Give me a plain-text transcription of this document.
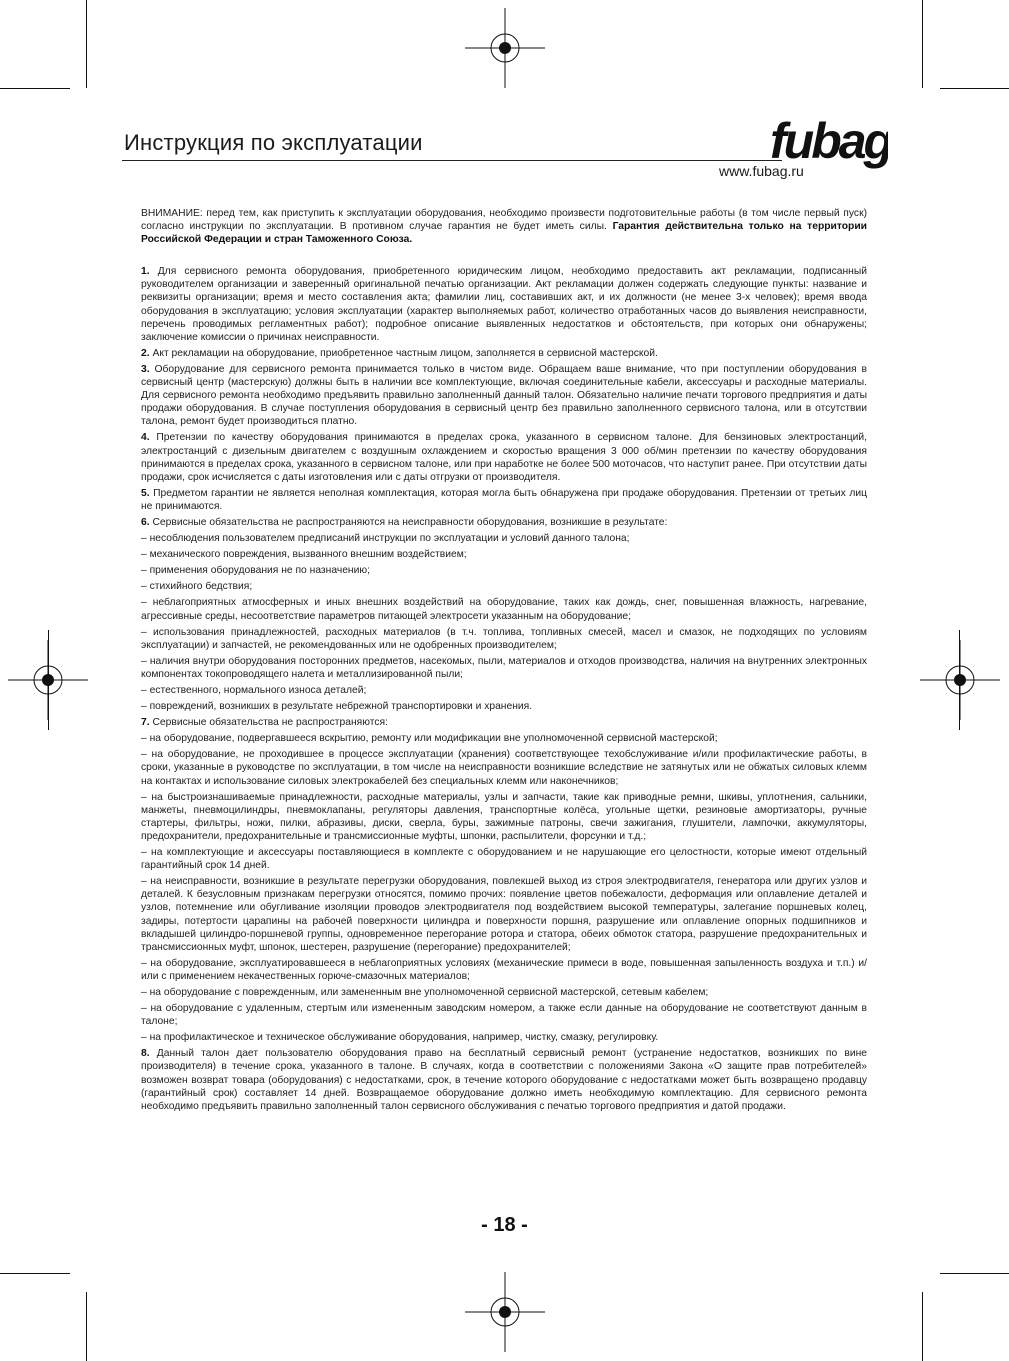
Инструкция по эксплуатации	fubag
www.fubag.ru

ВНИМАНИЕ: перед тем, как приступить к эксплуатации оборудования, необходимо произвести подготовительные работы (в том числе первый пуск) согласно инструкции по эксплуатации. В противном случае гарантия не будет иметь силы. Гарантия действительна только на территории Российской Федерации и стран Таможенного Союза.

1. Для сервисного ремонта оборудования, приобретенного юридическим лицом, необходимо предоставить акт рекламации, подписанный руководителем организации и заверенный оригинальной печатью организации. Акт рекламации должен содержать следующие пункты: название и реквизиты организации; время и место составления акта; фамилии лиц, составивших акт, и их должности (не менее 3-х человек); время ввода оборудования в эксплуатацию; условия эксплуатации (характер выполняемых работ, количество отработанных часов до выявления неисправности, перечень проводимых регламентных работ); подробное описание выявленных недостатков и обстоятельств, при которых они обнаружены; заключение комиссии о причинах неисправности.

2. Акт рекламации на оборудование, приобретенное частным лицом, заполняется в сервисной мастерской.

3. Оборудование для сервисного ремонта принимается только в чистом виде. Обращаем ваше внимание, что при поступлении оборудования в сервисный центр (мастерскую) должны быть в наличии все комплектующие, включая соединительные кабели, аксессуары и расходные материалы. Для сервисного ремонта необходимо предъявить правильно заполненный данный талон. Обязательно наличие печати торгового предприятия и даты продажи оборудования. В случае поступления оборудования в сервисный центр без правильно заполненного сервисного талона, или в отсутствии талона, ремонт будет производиться платно.

4. Претензии по качеству оборудования принимаются в пределах срока, указанного в сервисном талоне. Для бензиновых электростанций, электростанций с дизельным двигателем с воздушным охлаждением и скоростью вращения 3 000 об/мин претензии по качеству оборудования принимаются в пределах срока, указанного в сервисном талоне, или при наработке не более 500 моточасов, что наступит ранее. При отсутствии даты продажи, срок исчисляется с даты изготовления или с даты отгрузки от производителя.

5. Предметом гарантии не является неполная комплектация, которая могла быть обнаружена при продаже оборудования. Претензии от третьих лиц не принимаются.

6. Сервисные обязательства не распространяются на неисправности оборудования, возникшие в результате:

– несоблюдения пользователем предписаний инструкции по эксплуатации и условий данного талона;

– механического повреждения, вызванного внешним воздействием;

– применения оборудования не по назначению;

– стихийного бедствия;

– неблагоприятных атмосферных и иных внешних воздействий на оборудование, таких как дождь, снег, повышенная влажность, нагревание, агрессивные среды, несоответствие параметров питающей электросети указанным на оборудование;

– использования принадлежностей, расходных материалов (в т.ч. топлива, топливных смесей, масел и смазок, не подходящих по условиям эксплуатации) и запчастей, не рекомендованных или не одобренных производителем;

– наличия внутри оборудования посторонних предметов, насекомых, пыли, материалов и отходов производства, наличия на внутренних электронных компонентах токопроводящего налета и металлизированной пыли;

– естественного, нормального износа деталей;

– повреждений, возникших в результате небрежной транспортировки и хранения.

7. Сервисные обязательства не распространяются:

– на оборудование, подвергавшееся вскрытию, ремонту или модификации вне уполномоченной сервисной мастерской;

– на оборудование, не проходившее в процессе эксплуатации (хранения) соответствующее техобслуживание и/или профилактические работы, в сроки, указанные в руководстве по эксплуатации, в том числе на неисправности возникшие вследствие не затянутых или не обжатых силовых клемм на контактах и использование силовых электрокабелей без специальных клемм или наконечников;

– на быстроизнашиваемые принадлежности, расходные материалы, узлы и запчасти, такие как приводные ремни, шкивы, уплотнения, сальники, манжеты, пневмоцилиндры, пневмоклапаны, регуляторы давления, транспортные колёса, угольные щетки, резиновые амортизаторы, ручные стартеры, фильтры, ножи, пилки, абразивы, диски, сверла, буры, зажимные патроны, свечи зажигания, глушители, лампочки, аккумуляторы, предохранители, предохранительные и трансмиссионные муфты, шпонки, распылители, форсунки и т.д.;

– на комплектующие и аксессуары поставляющиеся в комплекте с оборудованием и не нарушающие его целостности, которые имеют отдельный гарантийный срок 14 дней.

– на неисправности, возникшие в результате перегрузки оборудования, повлекшей выход из строя электродвигателя, генератора или других узлов и деталей. К безусловным признакам перегрузки относятся, помимо прочих: появление цветов побежалости, деформация или оплавление деталей и узлов, потемнение или обугливание изоляции проводов электродвигателя под воздействием высокой температуры, залегание поршневых колец, задиры, потертости царапины на рабочей поверхности цилиндра и поверхности поршня, разрушение или оплавление опорных подшипников и вкладышей цилиндро-поршневой группы, одновременное перегорание ротора и статора, обеих обмоток статора, разрушение предохранительных и трансмиссионных муфт, шпонок, шестерен, разрушение (перегорание) предохранителей;

– на оборудование, эксплуатировавшееся в неблагоприятных условиях (механические примеси в воде, повышенная запыленность воздуха и т.п.) и/или с применением некачественных горюче-смазочных материалов;

– на оборудование с поврежденным, или замененным вне уполномоченной сервисной мастерской, сетевым кабелем;

– на оборудование с удаленным, стертым или измененным заводским номером, а также если данные на оборудование не соответствуют данным в талоне;

– на профилактическое и техническое обслуживание оборудования, например, чистку, смазку, регулировку.

8. Данный талон дает пользователю оборудования право на бесплатный сервисный ремонт (устранение недостатков, возникших по вине производителя) в течение срока, указанного в талоне. В случаях, когда в соответствии с положениями Закона «О защите прав потребителей» возможен возврат товара (оборудования) с недостатками, срок, в течение которого оборудование с недостатками может быть возвращено продавцу (гарантийный срок) составляет 14 дней. Возвращаемое оборудование должно иметь необходимую комплектацию. Для сервисного ремонта необходимо предъявить правильно заполненный талон сервисного обслуживания с печатью торгового предприятия и датой продажи.

- 18 -
